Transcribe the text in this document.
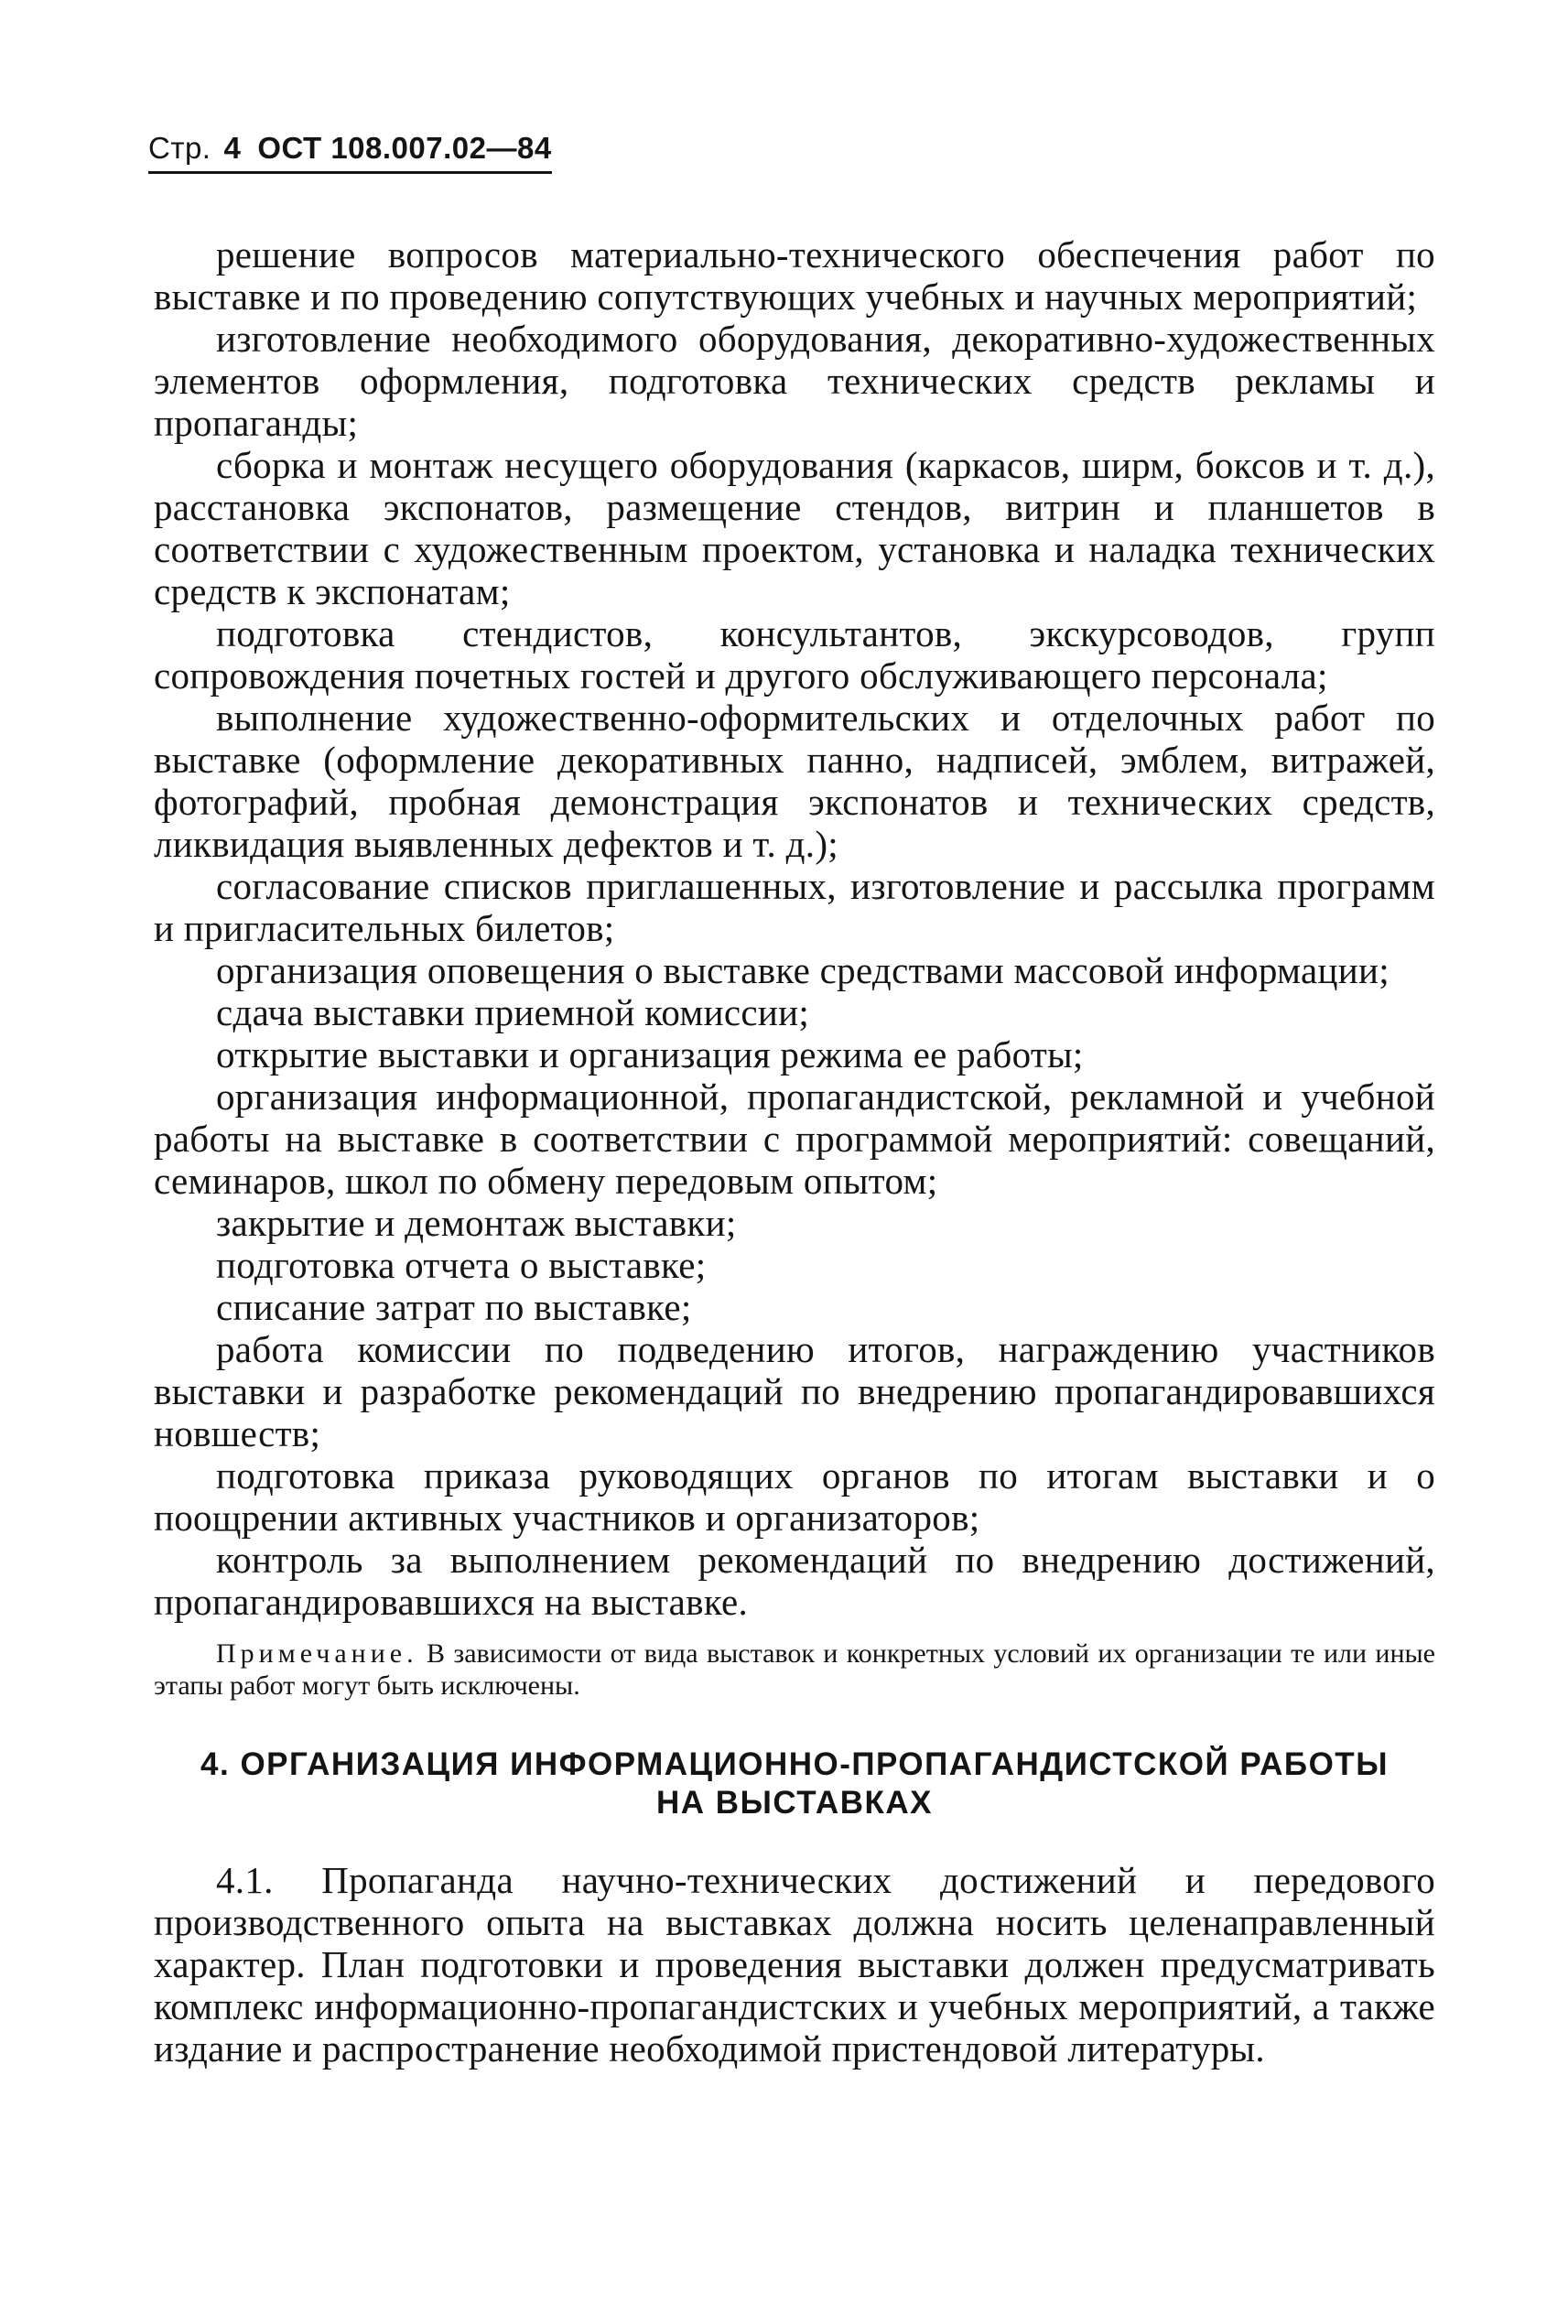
Стр. 4 ОСТ 108.007.02—84

решение вопросов материально-технического обеспечения работ по выставке и по проведению сопутствующих учебных и научных мероприятий;

изготовление необходимого оборудования, декоративно-художественных элементов оформления, подготовка технических средств рекламы и пропаганды;

сборка и монтаж несущего оборудования (каркасов, ширм, боксов и т. д.), расстановка экспонатов, размещение стендов, витрин и планшетов в соответствии с художественным проектом, установка и наладка технических средств к экспонатам;

подготовка стендистов, консультантов, экскурсоводов, групп сопровождения почетных гостей и другого обслуживающего персонала;

выполнение художественно-оформительских и отделочных работ по выставке (оформление декоративных панно, надписей, эмблем, витражей, фотографий, пробная демонстрация экспонатов и технических средств, ликвидация выявленных дефектов и т. д.);

согласование списков приглашенных, изготовление и рассылка программ и пригласительных билетов;

организация оповещения о выставке средствами массовой информации;

сдача выставки приемной комиссии;

открытие выставки и организация режима ее работы;

организация информационной, пропагандистской, рекламной и учебной работы на выставке в соответствии с программой мероприятий: совещаний, семинаров, школ по обмену передовым опытом;

закрытие и демонтаж выставки;

подготовка отчета о выставке;

списание затрат по выставке;

работа комиссии по подведению итогов, награждению участников выставки и разработке рекомендаций по внедрению пропагандировавшихся новшеств;

подготовка приказа руководящих органов по итогам выставки и о поощрении активных участников и организаторов;

контроль за выполнением рекомендаций по внедрению достижений, пропагандировавшихся на выставке.

Примечание. В зависимости от вида выставок и конкретных условий их организации те или иные этапы работ могут быть исключены.

4. ОРГАНИЗАЦИЯ ИНФОРМАЦИОННО-ПРОПАГАНДИСТСКОЙ РАБОТЫ
НА ВЫСТАВКАХ

4.1. Пропаганда научно-технических достижений и передового производственного опыта на выставках должна носить целенаправленный характер. План подготовки и проведения выставки должен предусматривать комплекс информационно-пропагандистских и учебных мероприятий, а также издание и распространение необходимой пристендовой литературы.
